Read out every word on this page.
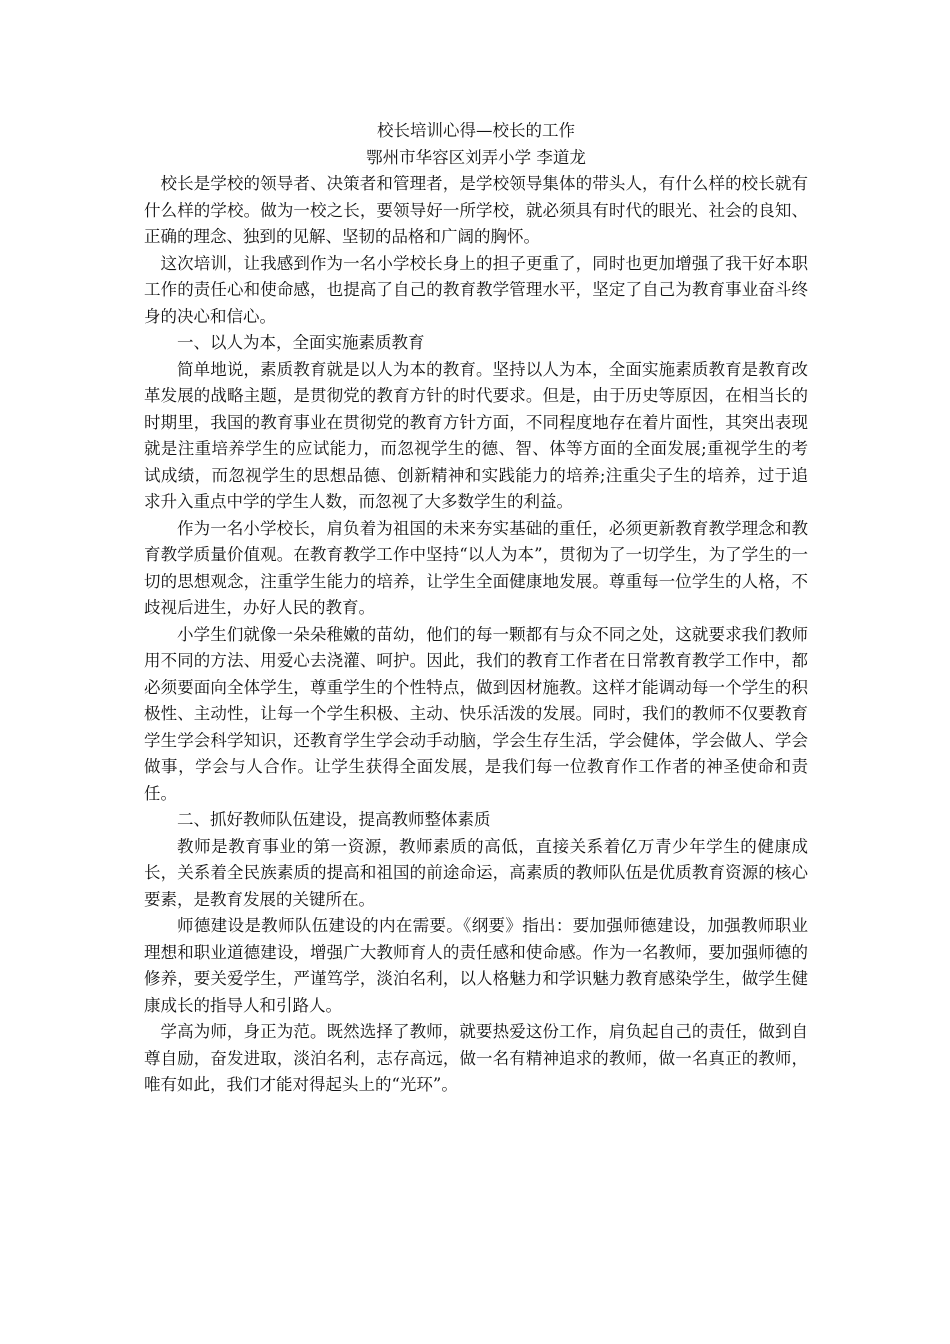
校长培训心得—校长的工作

鄂州市华容区刘弄小学 李道龙

校长是学校的领导者、决策者和管理者，是学校领导集体的带头人，有什么样的校长就有什么样的学校。做为一校之长，要领导好一所学校，就必须具有时代的眼光、社会的良知、正确的理念、独到的见解、坚韧的品格和广阔的胸怀。

这次培训，让我感到作为一名小学校长身上的担子更重了，同时也更加增强了我干好本职工作的责任心和使命感，也提高了自己的教育教学管理水平，坚定了自己为教育事业奋斗终身的决心和信心。

一、以人为本，全面实施素质教育

简单地说，素质教育就是以人为本的教育。坚持以人为本，全面实施素质教育是教育改革发展的战略主题，是贯彻党的教育方针的时代要求。但是，由于历史等原因，在相当长的时期里，我国的教育事业在贯彻党的教育方针方面，不同程度地存在着片面性，其突出表现就是注重培养学生的应试能力，而忽视学生的德、智、体等方面的全面发展;重视学生的考试成绩，而忽视学生的思想品德、创新精神和实践能力的培养;注重尖子生的培养，过于追求升入重点中学的学生人数，而忽视了大多数学生的利益。

作为一名小学校长，肩负着为祖国的未来夯实基础的重任，必须更新教育教学理念和教育教学质量价值观。在教育教学工作中坚持“以人为本”，贯彻为了一切学生，为了学生的一切的思想观念，注重学生能力的培养，让学生全面健康地发展。尊重每一位学生的人格，不歧视后进生，办好人民的教育。

小学生们就像一朵朵稚嫩的苗幼，他们的每一颗都有与众不同之处，这就要求我们教师用不同的方法、用爱心去浇灌、呵护。因此，我们的教育工作者在日常教育教学工作中，都必须要面向全体学生，尊重学生的个性特点，做到因材施教。这样才能调动每一个学生的积极性、主动性，让每一个学生积极、主动、快乐活泼的发展。同时，我们的教师不仅要教育学生学会科学知识，还教育学生学会动手动脑，学会生存生活，学会健体，学会做人、学会做事，学会与人合作。让学生获得全面发展，是我们每一位教育作工作者的神圣使命和责任。

二、抓好教师队伍建设，提高教师整体素质

教师是教育事业的第一资源，教师素质的高低，直接关系着亿万青少年学生的健康成长，关系着全民族素质的提高和祖国的前途命运，高素质的教师队伍是优质教育资源的核心要素，是教育发展的关键所在。

师德建设是教师队伍建设的内在需要。《纲要》指出：要加强师德建设，加强教师职业理想和职业道德建设，增强广大教师育人的责任感和使命感。作为一名教师，要加强师德的修养，要关爱学生，严谨笃学，淡泊名利，以人格魅力和学识魅力教育感染学生，做学生健康成长的指导人和引路人。

学高为师，身正为范。既然选择了教师，就要热爱这份工作，肩负起自己的责任，做到自尊自励，奋发进取，淡泊名利，志存高远，做一名有精神追求的教师，做一名真正的教师，唯有如此，我们才能对得起头上的“光环”。
